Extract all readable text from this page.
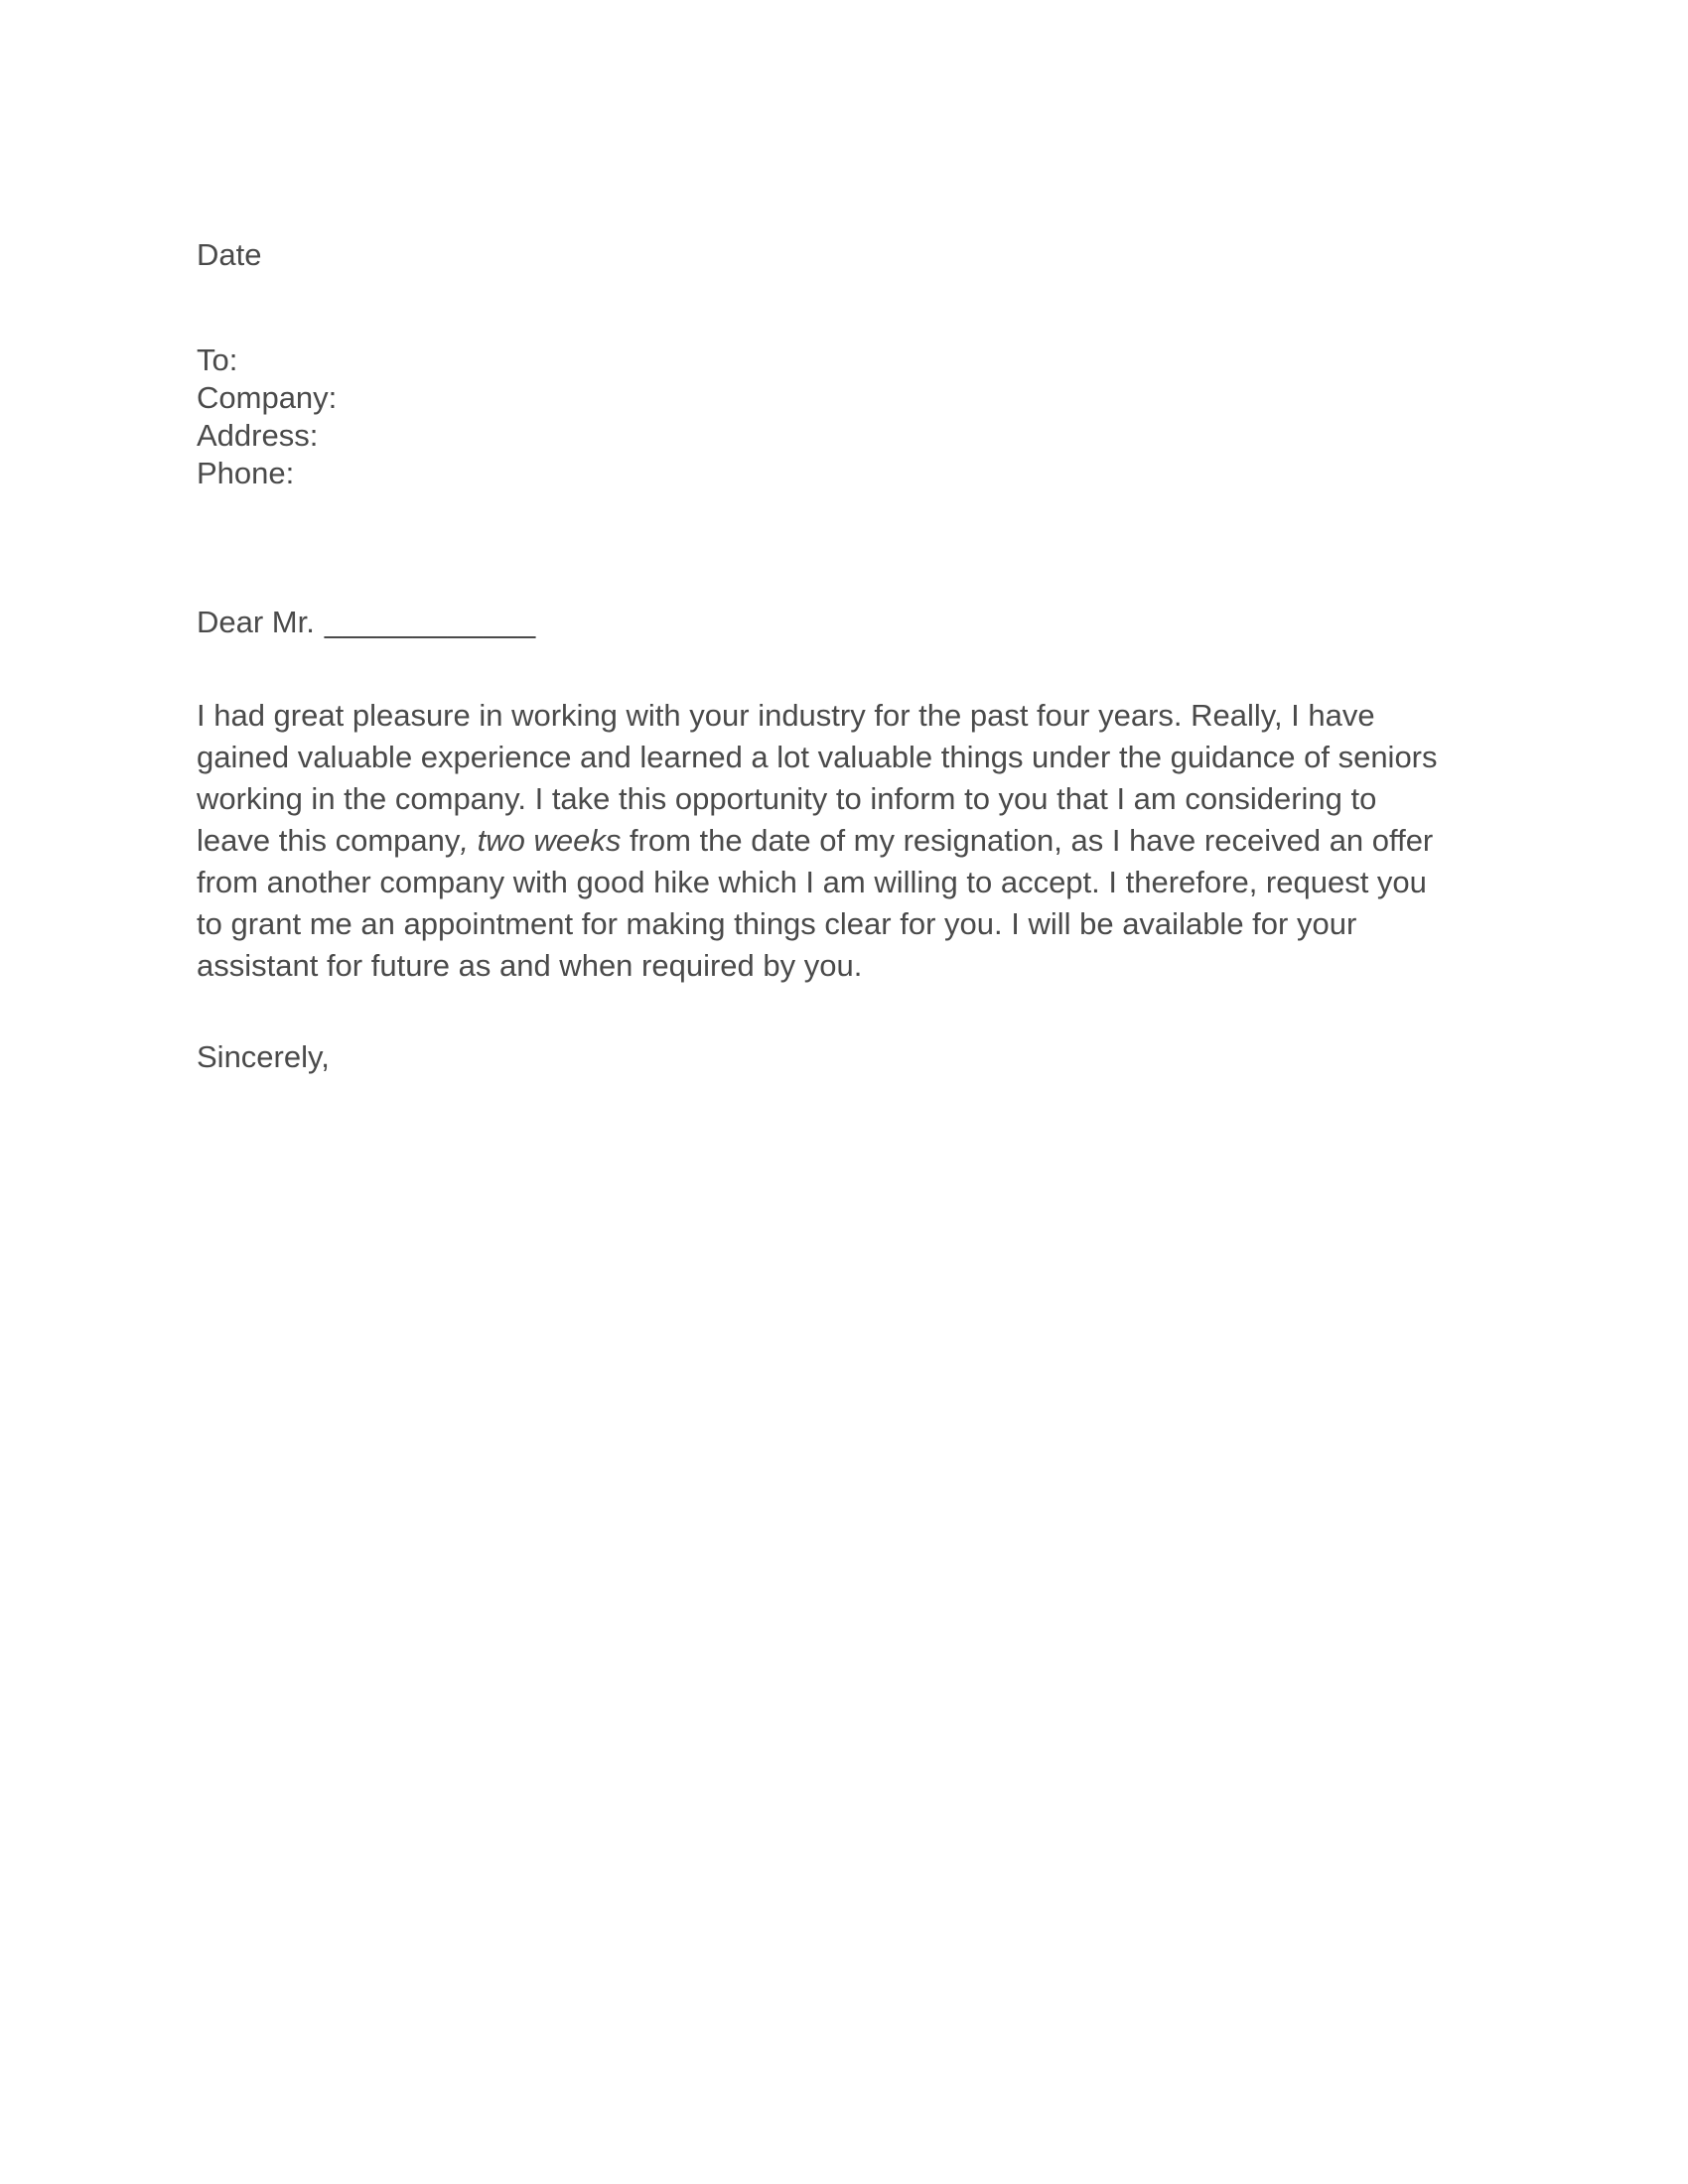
Date
To:
Company:
Address:
Phone:
Dear Mr. ____________
I had great pleasure in working with your industry for the past four years. Really, I have
gained valuable experience and learned a lot valuable things under the guidance of seniors
working in the company. I take this opportunity to inform to you that I am considering to
leave this company, two weeks from the date of my resignation, as I have received an offer
from another company with good hike which I am willing to accept. I therefore, request you
to grant me an appointment for making things clear for you. I will be available for your
assistant for future as and when required by you.
Sincerely,
